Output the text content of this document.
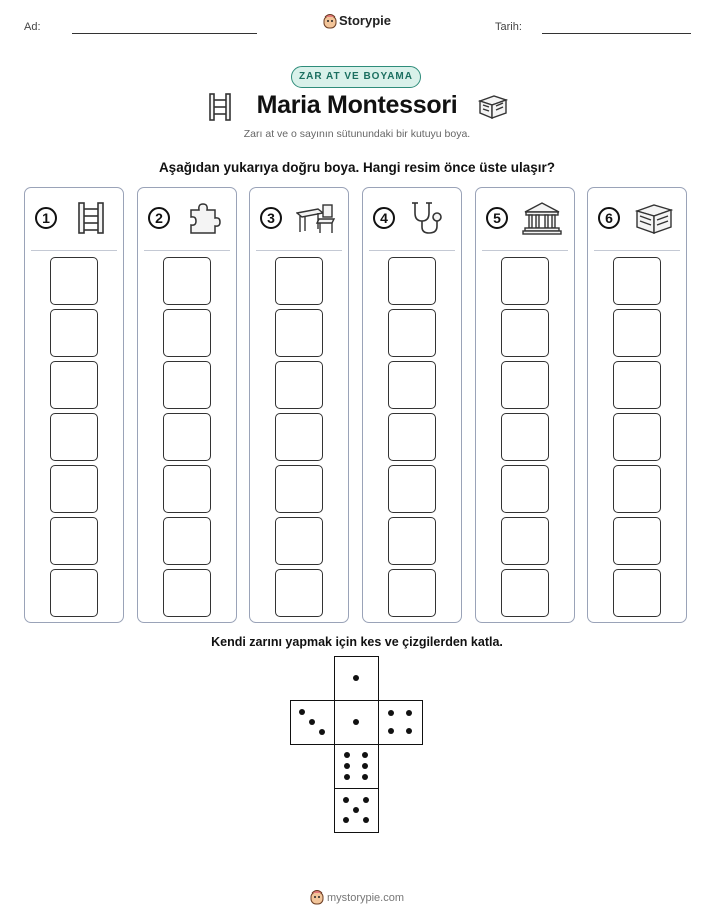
Ad:	Storypie	Tarih:
ZAR AT VE BOYAMA
Maria Montessori
Zarı at ve o sayının sütunundaki bir kutuyu boya.
Aşağıdan yukarıya doğru boya. Hangi resim önce üste ulaşır?
1	2	3	4	5	6
Kendi zarını yapmak için kes ve çizgilerden katla.
mystorypie.com
